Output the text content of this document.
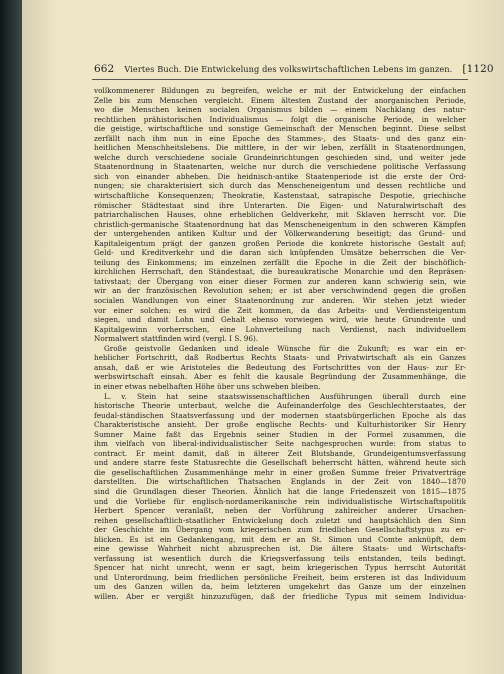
662 Viertes Buch. Die Entwickelung des volkswirtschaftlichen Lebens im ganzen. [1120
vollkommenerer Bildungen zu begreifen, welche er mit der Entwickelung der einfachen
Zelle bis zum Menschen vergleicht. Einem ältesten Zustand der anorganischen Periode,
wo die Menschen keinen socialen Organismus bilden — einem Nachklang des natur-
rechtlichen prähistorischen Individualismus — folgt die organische Periode, in welcher
die geistige, wirtschaftliche und sonstige Gemeinschaft der Menschen beginnt. Diese selbst
zerfällt nach ihm nun in eine Epoche des Stammes-, des Staats- und des ganz ein-
heitlichen Menschheitslebens. Die mittlere, in der wir leben, zerfällt in Staatenordnungen,
welche durch verschiedene sociale Grundeinrichtungen geschieden sind, und weiter jede
Staatenordnung in Staatenarten, welche nur durch die verschiedene politische Verfassung
sich von einander abheben. Die heidnisch-antike Staatenperiode ist die erste der Ord-
nungen; sie charakterisiert sich durch das Menscheneigentum und dessen rechtliche und
wirtschaftliche Konsequenzen; Theokratie, Kastenstaat, satrapische Despotie, griechische
römischer Städtestaat sind ihre Unterarten. Die Eigen- und Naturalwirtschaft des
patriarchalischen Hauses, ohne erheblichen Geldverkehr, mit Sklaven herrscht vor. Die
christlich-germanische Staatenordnung hat das Menscheneigentum in den schweren Kämpfen
der untergehenden antiken Kultur und der Völkerwanderung beseitigt; das Grund- und
Kapitaleigentum prägt der ganzen großen Periode die konkrete historische Gestalt auf;
Geld- und Kreditverkehr und die daran sich knüpfenden Umsätze beherrschen die Ver-
teilung des Einkommens; im einzelnen zerfällt die Epoche in die Zeit der bischöflich-
kirchlichen Herrschaft, den Ständestaat, die bureaukratische Monarchie und den Repräsen-
tativstaat; der Übergang von einer dieser Formen zur anderen kann schwierig sein, wie
wir an der französischen Revolution sehen; er ist aber verschwindend gegen die großen
socialen Wandlungen von einer Staatenordnung zur anderen. Wir stehen jetzt wieder
vor einer solchen: es wird die Zeit kommen, da das Arbeits- und Verdiensteigentum
siegen, und damit Lohn und Gehalt ebenso vorwiegen wird, wie heute Grundrente und
Kapitalgewinn vorherrschen, eine Lohnverteilung nach Verdienst, nach individuellem
Normalwert stattfinden wird (vergl. I S. 96).
Große geistvolle Gedanken und ideale Wünsche für die Zukunft; es war ein er-
heblicher Fortschritt, daß Rodbertus Rechts Staats- und Privatwirtschaft als ein Ganzes
ansah, daß er wie Aristoteles die Bedeutung des Fortschrittes von der Haus- zur Er-
werbswirtschaft einsah. Aber es fehlt die kausale Begründung der Zusammenhänge, die
in einer etwas nebelhaften Höhe über uns schweben bleiben.
L. v. Stein hat seine staatswissenschaftlichen Ausführungen überall durch eine
historische Theorie unterbaut, welche die Aufeinanderfolge des Geschlechterstaates, der
feudal-ständischen Staatsverfassung und der modernen staatsbürgerlichen Epoche als das
Charakteristische ansieht. Der große englische Rechts- und Kulturhistoriker Sir Henry
Sumner Maine faßt das Ergebnis seiner Studien in der Formel zusammen, die
ihm vielfach von liberal-individualistischer Seite nachgesprochen wurde: from status to
contract. Er meint damit, daß in älterer Zeit Blutsbande, Grundeigentumsverfassung
und andere starre feste Statusrechte die Gesellschaft beherrscht hätten, während heute sich
die gesellschaftlichen Zusammenhänge mehr in einer großen Summe freier Privatverträge
darstellten. Die wirtschaftlichen Thatsachen Englands in der Zeit von 1840—1870
sind die Grundlagen dieser Theorien. Ähnlich hat die lange Friedenszeit von 1815—1875
und die Vorliebe für englisch-nordamerikanische rein individualistische Wirtschaftspolitik
Herbert Spencer veranlaßt, neben der Vorführung zahlreicher anderer Ursachen-
reihen gesellschaftlich-staatlicher Entwickelung doch zuletzt und hauptsächlich den Sinn
der Geschichte im Übergang vom kriegerischen zum friedlichen Gesellschaftstypus zu er-
blicken. Es ist ein Gedankengang, mit dem er an St. Simon und Comte anknüpft, dem
eine gewisse Wahrheit nicht abzusprechen ist. Die ältere Staats- und Wirtschafts-
verfassung ist wesentlich durch die Kriegsverfassung teils entstanden, teils bedingt.
Spencer hat nicht unrecht, wenn er sagt, beim kriegerischen Typus herrscht Autorität
und Unterordnung, beim friedlichen persönliche Freiheit, beim ersteren ist das Individuum
um des Ganzen willen da, beim letzteren umgekehrt das Ganze um der einzelnen
willen. Aber er vergißt hinzuzufügen, daß der friedliche Typus mit seinem Individua-
